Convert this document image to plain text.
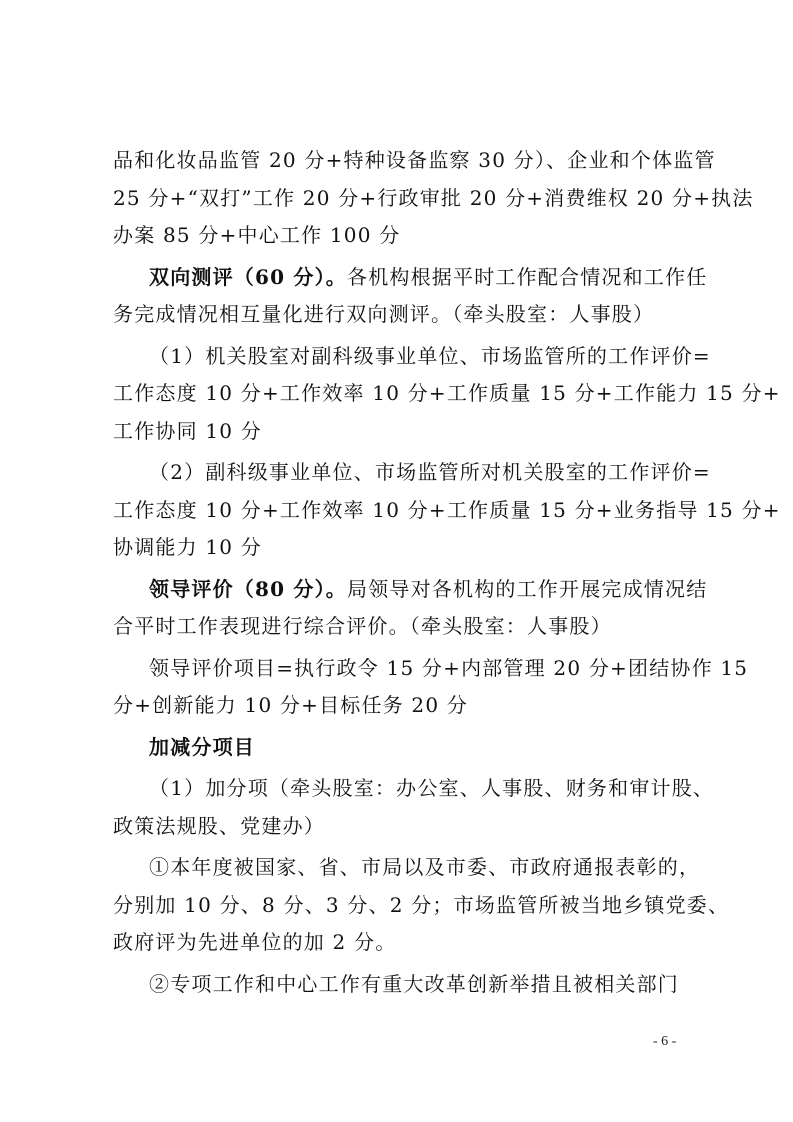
品和化妆品监管 20 分+特种设备监察 30 分）、企业和个体监管
25 分+“双打”工作 20 分+行政审批 20 分+消费维权 20 分+执法
办案 85 分+中心工作 100 分
双向测评（60 分）。各机构根据平时工作配合情况和工作任
务完成情况相互量化进行双向测评。（牵头股室：人事股）
（1）机关股室对副科级事业单位、市场监管所的工作评价=
工作态度 10 分+工作效率 10 分+工作质量 15 分+工作能力 15 分+
工作协同 10 分
（2）副科级事业单位、市场监管所对机关股室的工作评价=
工作态度 10 分+工作效率 10 分+工作质量 15 分+业务指导 15 分+
协调能力 10 分
领导评价（80 分）。局领导对各机构的工作开展完成情况结
合平时工作表现进行综合评价。（牵头股室：人事股）
领导评价项目=执行政令 15 分+内部管理 20 分+团结协作 15
分+创新能力 10 分+目标任务 20 分
加减分项目
（1）加分项（牵头股室：办公室、人事股、财务和审计股、
政策法规股、党建办）
①本年度被国家、省、市局以及市委、市政府通报表彰的，
分别加 10 分、8 分、3 分、2 分；市场监管所被当地乡镇党委、
政府评为先进单位的加 2 分。
②专项工作和中心工作有重大改革创新举措且被相关部门
- 6 -
